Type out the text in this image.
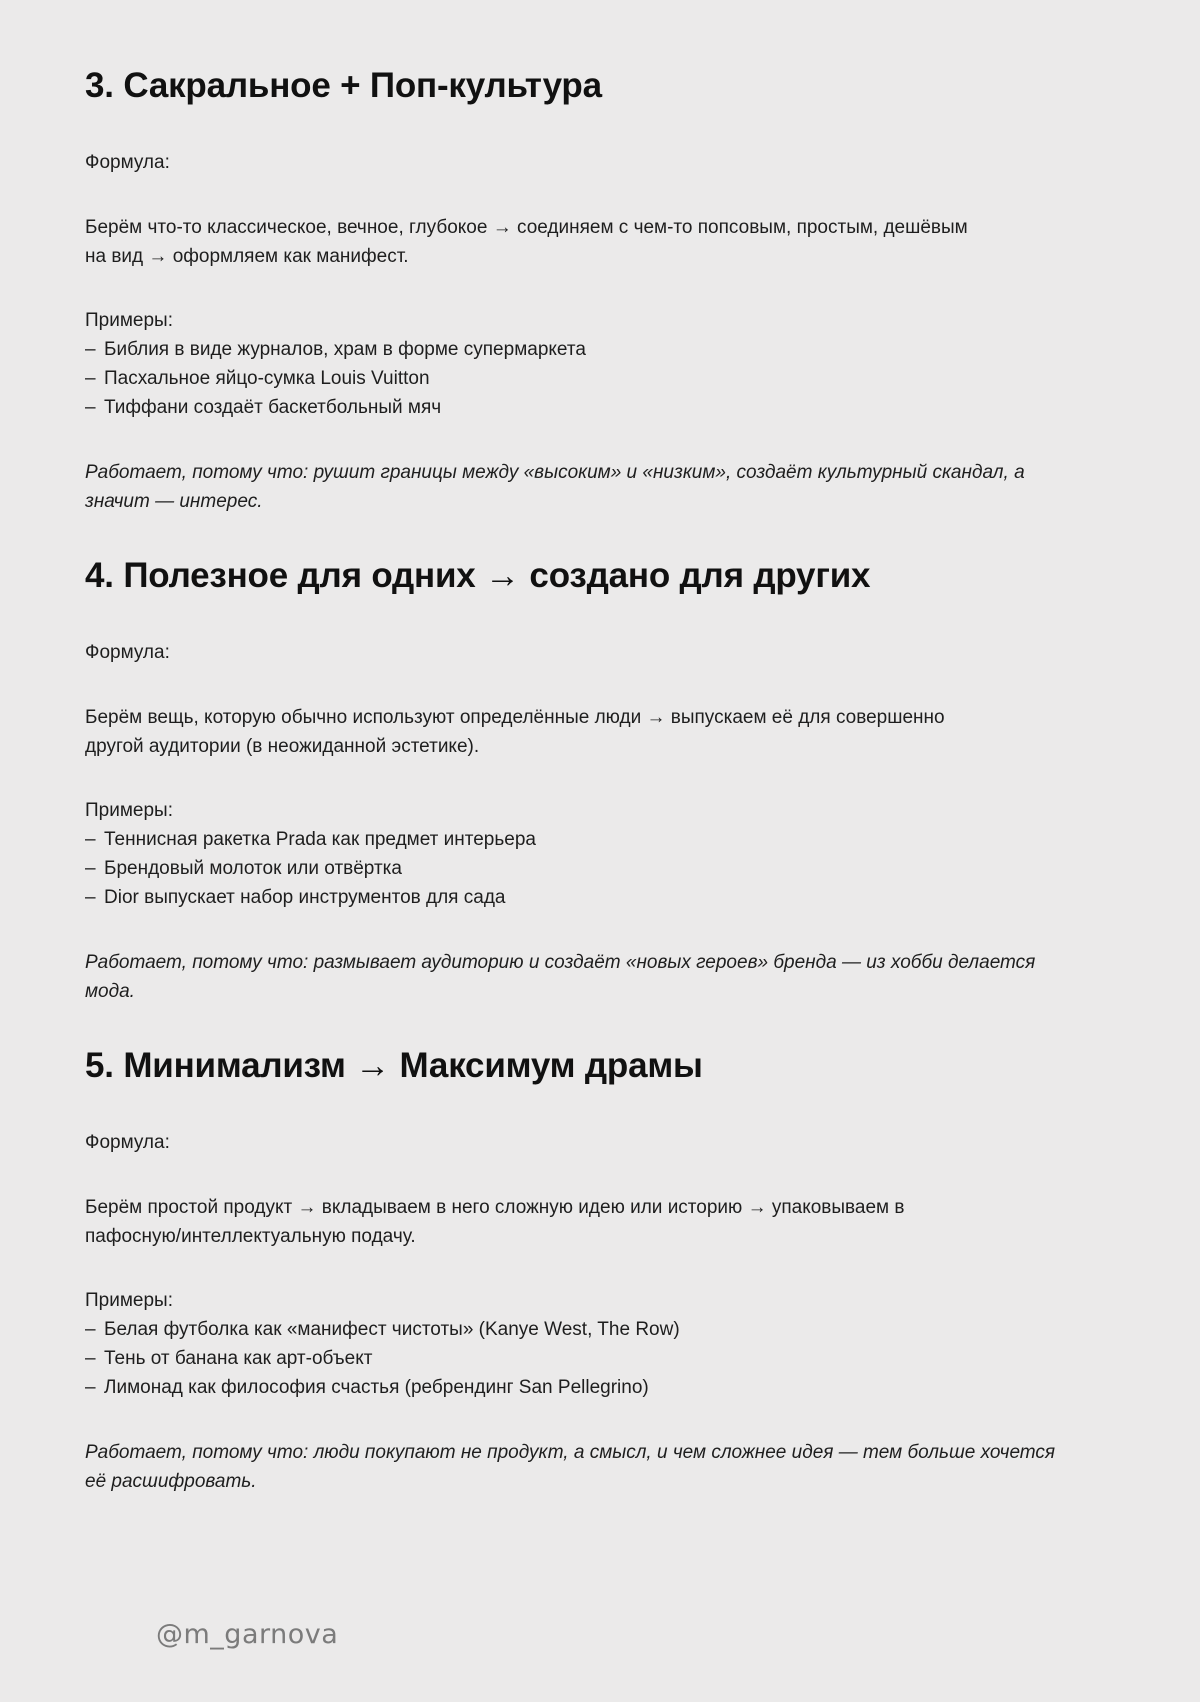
3. Сакральное + Поп-культура

Формула:

Берём что-то классическое, вечное, глубокое → соединяем с чем-то попсовым, простым, дешёвым
на вид → оформляем как манифест.

Примеры:

– Библия в виде журналов, храм в форме супермаркета
– Пасхальное яйцо-сумка Louis Vuitton
– Тиффани создаёт баскетбольный мяч

Работает, потому что: рушит границы между «высоким» и «низким», создаёт культурный скандал, а
значит — интерес.

4. Полезное для одних → создано для других

Формула:

Берём вещь, которую обычно используют определённые люди → выпускаем её для совершенно
другой аудитории (в неожиданной эстетике).

Примеры:

– Теннисная ракетка Prada как предмет интерьера
– Брендовый молоток или отвёртка
– Dior выпускает набор инструментов для сада

Работает, потому что: размывает аудиторию и создаёт «новых героев» бренда — из хобби делается
мода.

5. Минимализм → Максимум драмы

Формула:

Берём простой продукт → вкладываем в него сложную идею или историю → упаковываем в
пафосную/интеллектуальную подачу.

Примеры:

– Белая футболка как «манифест чистоты» (Kanye West, The Row)
– Тень от банана как арт-объект
– Лимонад как философия счастья (ребрендинг San Pellegrino)

Работает, потому что: люди покупают не продукт, а смысл, и чем сложнее идея — тем больше хочется
её расшифровать.

@m_garnova
